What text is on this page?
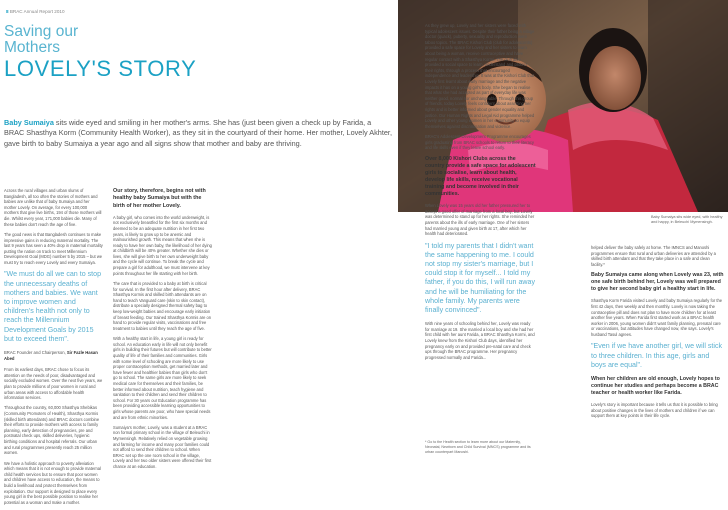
8 BRAC Annual Report 2010
Saving our
Mothers
LOVELY'S STORY
Baby Sumaiya sits wide eyed and smiling in her mother's arms. She has (just been given a check up by Farida, a BRAC Shasthya Korm (Community Health Worker), as they sit in the courtyard of their home. Her mother, Lovely Akhter, gave birth to baby Sumaiya a year ago and all signs show that mother and baby are thriving.

Across the rural villages and urban slums of Bangladesh, all too often the stories of mothers and babies are unlike that of baby Sumaiya and her mother Lovely. On average, for every 100,000 mothers that give live births, 194 of those mothers will die. Whilst every year, 171,000 babies die. Many of these babies don't reach the age of five.

The good news is that Bangladesh continues to make impressive gains in reducing maternal mortality. The last 9 years has seen a 40% drop in maternal mortality putting the nation on track to meet Millennium Development Goal (MDG) number 5 by 2015 – but we must try to reach every Lovely and every Sumaiya.

"We must do all we can to stop the unnecessary deaths of mothers and babies. We want to improve women and children's health not only to reach the Millennium Development Goals by 2015 but to exceed them".
BRAC Founder and Chairperson, Sir Fazle Hasan Abed

From its earliest days, BRAC chose to focus its attention on the needs of poor, disadvantaged and socially excluded women. Over the next five years, we plan to provide millions of poor women in rural and urban areas with access to affordable health information services.

Throughout the country, 60,000 Shasthya Shebikas (Community Promoters of Health), Shasthya Kormis (skilled birth attendants) and BRAC doctors combine their efforts to provide mothers with access to family planning, early detection of pregnancies, pre and postnatal check ups, skilled deliveries, hygienic birthing conditions and hospital referrals. Our urban and rural programmes presently reach 25 million women.

We have a holistic approach to poverty alleviation which means that it is not enough to provide maternal child health services but to ensure that poor women and children have access to education, the means to build a livelihood and protect themselves from exploitation. Our support is designed to place every young girl in the best possible position to realise her potential as a woman and make a mother.

Our story, therefore, begins not with healthy baby Sumaiya but with the birth of her mother Lovely.

A baby girl, who comes into the world underweight, is not exclusively breastfed for the first six months and deemed to be an adequate nutrition in her first two years, is likely to grow up to be anemic and malnourished growth. This means that when she is ready to have her own baby, the likelihood of her dying at childbirth will be 40% greater. Whether she dies or lives, she will give birth to her own underweight baby and the cycle will continue. To break the cycle and prepare a girl for adulthood, we must intervene at key points throughout her life starting with her birth.

The care that is provided to a baby at birth is critical for survival. In the first hour after delivery, BRAC Shasthya Kormis and skilled birth attendants are on hand to teach Vanguard care (skin to skin contact), distribute a specially designed thermal safety bag to keep low-weight babies and encourage early initiation of breast feeding. Our trained Shasthya Kormis are on hand to provide regular visits, vaccinations and free treatment to babies until they reach the age of five.

With a healthy start in life, a young girl is ready for school. An education early in life will not only benefit girls in building their futures but will contribute to better quality of life of their families and communities. Girls with some level of schooling are more likely to use proper contraception methods, get married later and have fewer and healthier babies than girls who don't go to school. The same girls are more likely to seek medical care for themselves and their families, be better informed about nutrition, teach hygiene and sanitation to their children and send their children to school. For 30 years our Education programme has been providing accessible learning opportunities to girls whose parents are poor, who have special needs and are from ethnic minorities.

Sumaiya's mother, Lovely, was a student at a BRAC non formal primary school in the village of Beleuchi in Mymensingh. Relatively relied on vegetable growing and farming for income and many poor families could not afford to send their children to school. When BRAC set up the one room school in the village, Lovely and her two older sisters were offered their first chance at an education.

As they grew up, Lovely and her sisters were faced with typical adolescent issues. Despite their father being a village doctor (quack), puberty, sexuality and reproduction were taboo topics. The BRAC Kishori Club (club for adolescents) provided a safe space for Lovely and her sisters to learn about being a woman, receive contraceptive and have regular contact with a Shasthya Kormi. The club also provided a social space to learn, understand and protect their rights, through a process that encouraged independence and leadership. It was at the Kishori Club that Lovely first learnt about early marriage and the negative impacts it has on a young girl's body. She began to realise that what she had accepted as part of everyday life was neither good, normal nor unchangeable. Through this group of friends, today Lovely feels confident about asserting her rights and is better informed about gender equality and justice. Our Human Rights and Legal Aid programme helped Lovely and other young women in her community to equip themselves against discrimination and violence.

BRAC's Adolescent Development Programme encourages girls graduating from BRAC schools to return to their literacy and life skills even if they leave school early.

Over 8,000 Kishori Clubs across the country provide a safe space for adolescent girls to socialise, learn about health, develop life skills, receive vocational training and become involved in their communities.

When Lovely was 15 years old her father pressured her to accept a good offer of marriage from a local boy, but Lovely was determined to stand up for her rights. She reminded her parents about the ills of early marriage. One of her sisters had married young and given birth at 17, after which her health had deteriorated.

"I told my parents that I didn't want the same happening to me. I could not stop my sister's marriage, but I could stop it for myself... I told my father, if you do this, I will run away and he will be humiliating for the whole family. My parents were finally convinced".

With nine years of schooling behind her, Lovely was ready for marriage at 19. She married a local boy and she had her first child with her aunt Farida, a BRAC Shasthya Kormi, and Lovely knew from the Kishori Club days, identified her pregnancy early on and provided pre-natal care and check ups through the BRAC programme. Her pregnancy progressed normally and Farida...

* Go to the Health section to learn more about our Maternity, Neonatal, Newborn and Child Survival (MNCS) programme and its urban counterpart Manoshi.
Baby Sumaiya sits wide eyed, with healthy and happy, in Beleuchi Mymensingh.

helped deliver the baby safely at home. The IMNCS and Manoshi programmes ensure that rural and urban deliveries are attended by a skilled birth attendant and that they take place in a safe and clean facility.*

Baby Sumaiya came along when Lovely was 23, with one safe birth behind her, Lovely was well prepared to give her second baby girl a healthy start in life.

Shasthya Korm Farida visited Lovely and baby Sumaiya regularly for the first 42 days, then weekly and then monthly. Lovely is now taking the contraceptive pill and does not plan to have more children for at least another five years. When Farida first started work as a BRAC health worker in 2006, young women didn't want family planning, prenatal care or vaccinations, but attitudes have changed now, she says. Lovely's husband Tasul agrees.

"Even if we have another girl, we will stick to three children. In this age, girls and boys are equal".
When her children are old enough, Lovely hopes to continue her studies and perhaps become a BRAC teacher or health worker like Farida.

Lovely's story is important because it tells us that it is possible to bring about positive changes in the lives of mothers and children if we can support them at key points in their life cycle.
